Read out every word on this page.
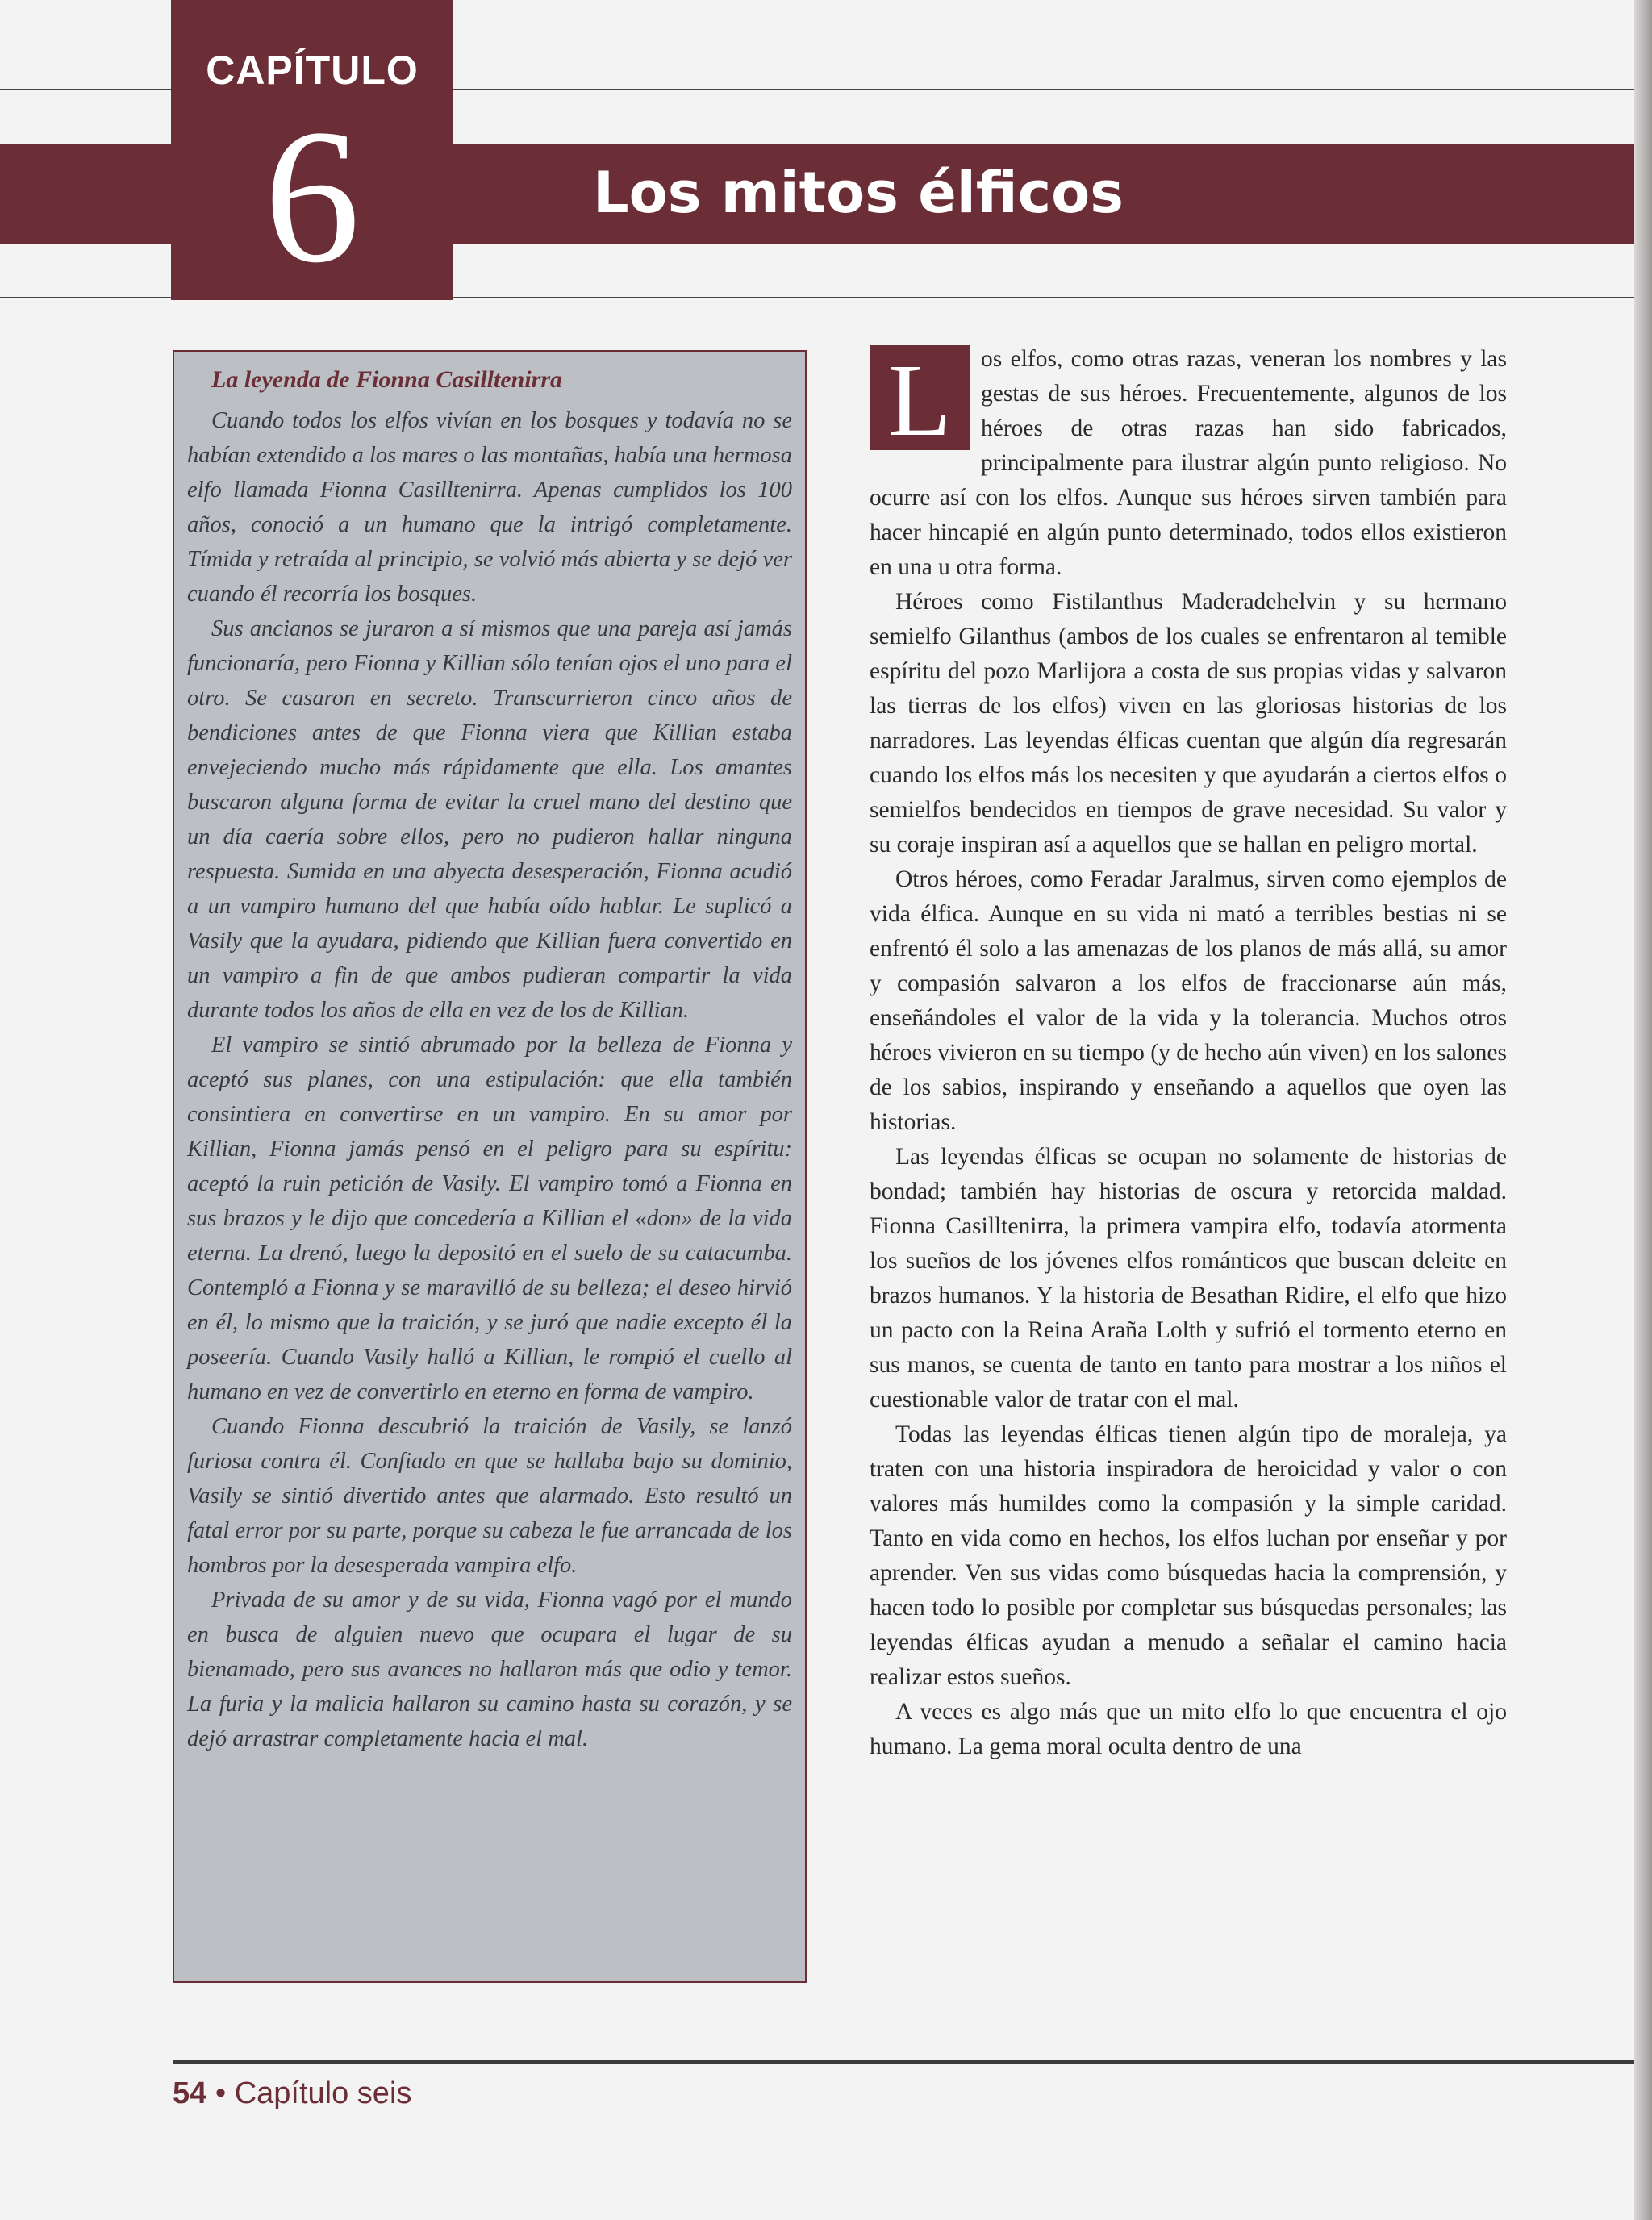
CAPÍTULO
6	Los mitos élficos
La leyenda de Fionna Casilltenirra

Cuando todos los elfos vivían en los bosques y todavía no se habían extendido a los mares o las montañas, había una hermosa elfo llamada Fionna Casilltenirra. Apenas cumplidos los 100 años, conoció a un humano que la intrigó completamente. Tímida y retraída al principio, se volvió más abierta y se dejó ver cuando él recorría los bosques.

Sus ancianos se juraron a sí mismos que una pareja así jamás funcionaría, pero Fionna y Killian sólo tenían ojos el uno para el otro. Se casaron en secreto. Transcurrieron cinco años de bendiciones antes de que Fionna viera que Killian estaba envejeciendo mucho más rápidamente que ella. Los amantes buscaron alguna forma de evitar la cruel mano del destino que un día caería sobre ellos, pero no pudieron hallar ninguna respuesta. Sumida en una abyecta desesperación, Fionna acudió a un vampiro humano del que había oído hablar. Le suplicó a Vasily que la ayudara, pidiendo que Killian fuera convertido en un vampiro a fin de que ambos pudieran compartir la vida durante todos los años de ella en vez de los de Killian.

El vampiro se sintió abrumado por la belleza de Fionna y aceptó sus planes, con una estipulación: que ella también consintiera en convertirse en un vampiro. En su amor por Killian, Fionna jamás pensó en el peligro para su espíritu: aceptó la ruin petición de Vasily. El vampiro tomó a Fionna en sus brazos y le dijo que concedería a Killian el «don» de la vida eterna. La drenó, luego la depositó en el suelo de su catacumba. Contempló a Fionna y se maravilló de su belleza; el deseo hirvió en él, lo mismo que la traición, y se juró que nadie excepto él la poseería. Cuando Vasily halló a Killian, le rompió el cuello al humano en vez de convertirlo en eterno en forma de vampiro.

Cuando Fionna descubrió la traición de Vasily, se lanzó furiosa contra él. Confiado en que se hallaba bajo su dominio, Vasily se sintió divertido antes que alarmado. Esto resultó un fatal error por su parte, porque su cabeza le fue arrancada de los hombros por la desesperada vampira elfo.

Privada de su amor y de su vida, Fionna vagó por el mundo en busca de alguien nuevo que ocupara el lugar de su bienamado, pero sus avances no hallaron más que odio y temor. La furia y la malicia hallaron su camino hasta su corazón, y se dejó arrastrar completamente hacia el mal.

L	os elfos, como otras razas, veneran los nombres y las gestas de sus héroes. Frecuentemente, algunos de los héroes de otras razas han sido fabricados, principalmente para ilustrar algún punto religioso. No ocurre así con los elfos. Aunque sus héroes sirven también para hacer hincapié en algún punto determinado, todos ellos existieron en una u otra forma.

Héroes como Fistilanthus Maderadehelvin y su hermano semielfo Gilanthus (ambos de los cuales se enfrentaron al temible espíritu del pozo Marlijora a costa de sus propias vidas y salvaron las tierras de los elfos) viven en las gloriosas historias de los narradores. Las leyendas élficas cuentan que algún día regresarán cuando los elfos más los necesiten y que ayudarán a ciertos elfos o semielfos bendecidos en tiempos de grave necesidad. Su valor y su coraje inspiran así a aquellos que se hallan en peligro mortal.

Otros héroes, como Feradar Jaralmus, sirven como ejemplos de vida élfica. Aunque en su vida ni mató a terribles bestias ni se enfrentó él solo a las amenazas de los planos de más allá, su amor y compasión salvaron a los elfos de fraccionarse aún más, enseñándoles el valor de la vida y la tolerancia. Muchos otros héroes vivieron en su tiempo (y de hecho aún viven) en los salones de los sabios, inspirando y enseñando a aquellos que oyen las historias.

Las leyendas élficas se ocupan no solamente de historias de bondad; también hay historias de oscura y retorcida maldad. Fionna Casilltenirra, la primera vampira elfo, todavía atormenta los sueños de los jóvenes elfos románticos que buscan deleite en brazos humanos. Y la historia de Besathan Ridire, el elfo que hizo un pacto con la Reina Araña Lolth y sufrió el tormento eterno en sus manos, se cuenta de tanto en tanto para mostrar a los niños el cuestionable valor de tratar con el mal.

Todas las leyendas élficas tienen algún tipo de moraleja, ya traten con una historia inspiradora de heroicidad y valor o con valores más humildes como la compasión y la simple caridad. Tanto en vida como en hechos, los elfos luchan por enseñar y por aprender. Ven sus vidas como búsquedas hacia la comprensión, y hacen todo lo posible por completar sus búsquedas personales; las leyendas élficas ayudan a menudo a señalar el camino hacia realizar estos sueños.

A veces es algo más que un mito elfo lo que encuentra el ojo humano. La gema moral oculta dentro de una

54 • Capítulo seis
